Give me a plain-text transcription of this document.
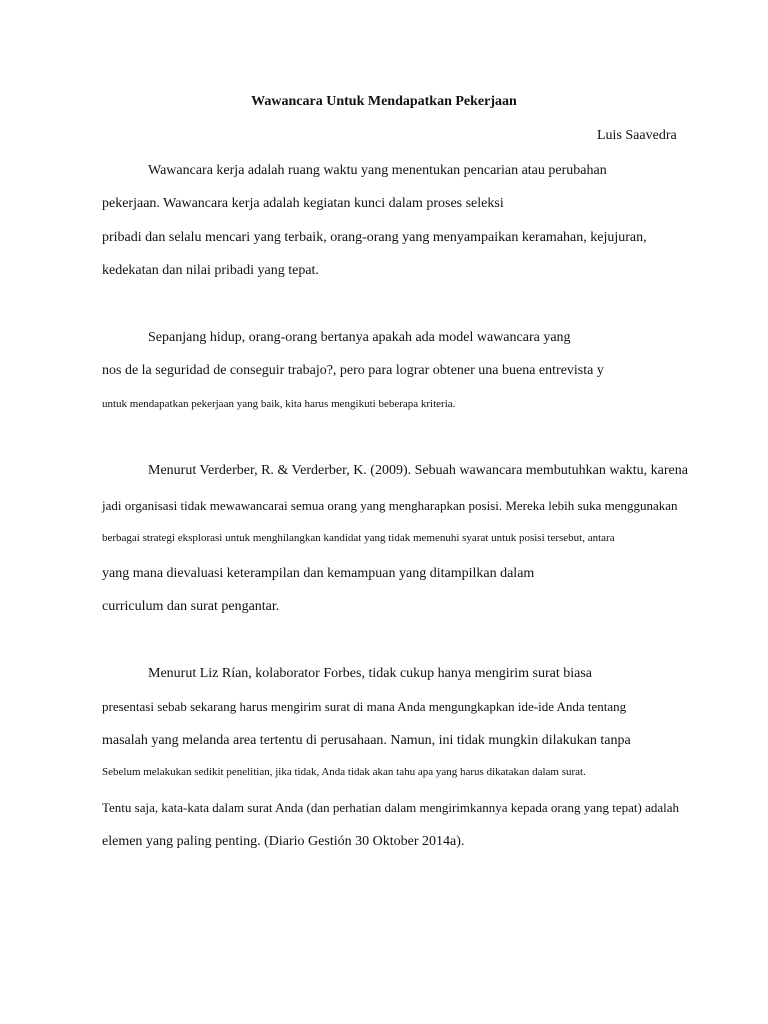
Wawancara Untuk Mendapatkan Pekerjaan
Luis Saavedra
Wawancara kerja adalah ruang waktu yang menentukan pencarian atau perubahan
pekerjaan. Wawancara kerja adalah kegiatan kunci dalam proses seleksi
pribadi dan selalu mencari yang terbaik, orang-orang yang menyampaikan keramahan, kejujuran,
kedekatan dan nilai pribadi yang tepat.
Sepanjang hidup, orang-orang bertanya apakah ada model wawancara yang
nos de la seguridad de conseguir trabajo?, pero para lograr obtener una buena entrevista y
untuk mendapatkan pekerjaan yang baik, kita harus mengikuti beberapa kriteria.
Menurut Verderber, R. & Verderber, K. (2009). Sebuah wawancara membutuhkan waktu, karena
jadi organisasi tidak mewawancarai semua orang yang mengharapkan posisi. Mereka lebih suka menggunakan
berbagai strategi eksplorasi untuk menghilangkan kandidat yang tidak memenuhi syarat untuk posisi tersebut, antara
yang mana dievaluasi keterampilan dan kemampuan yang ditampilkan dalam
curriculum dan surat pengantar.
Menurut Liz Rían, kolaborator Forbes, tidak cukup hanya mengirim surat biasa
presentasi sebab sekarang harus mengirim surat di mana Anda mengungkapkan ide-ide Anda tentang
masalah yang melanda area tertentu di perusahaan. Namun, ini tidak mungkin dilakukan tanpa
Sebelum melakukan sedikit penelitian, jika tidak, Anda tidak akan tahu apa yang harus dikatakan dalam surat.
Tentu saja, kata-kata dalam surat Anda (dan perhatian dalam mengirimkannya kepada orang yang tepat) adalah
elemen yang paling penting. (Diario Gestión 30 Oktober 2014a).
